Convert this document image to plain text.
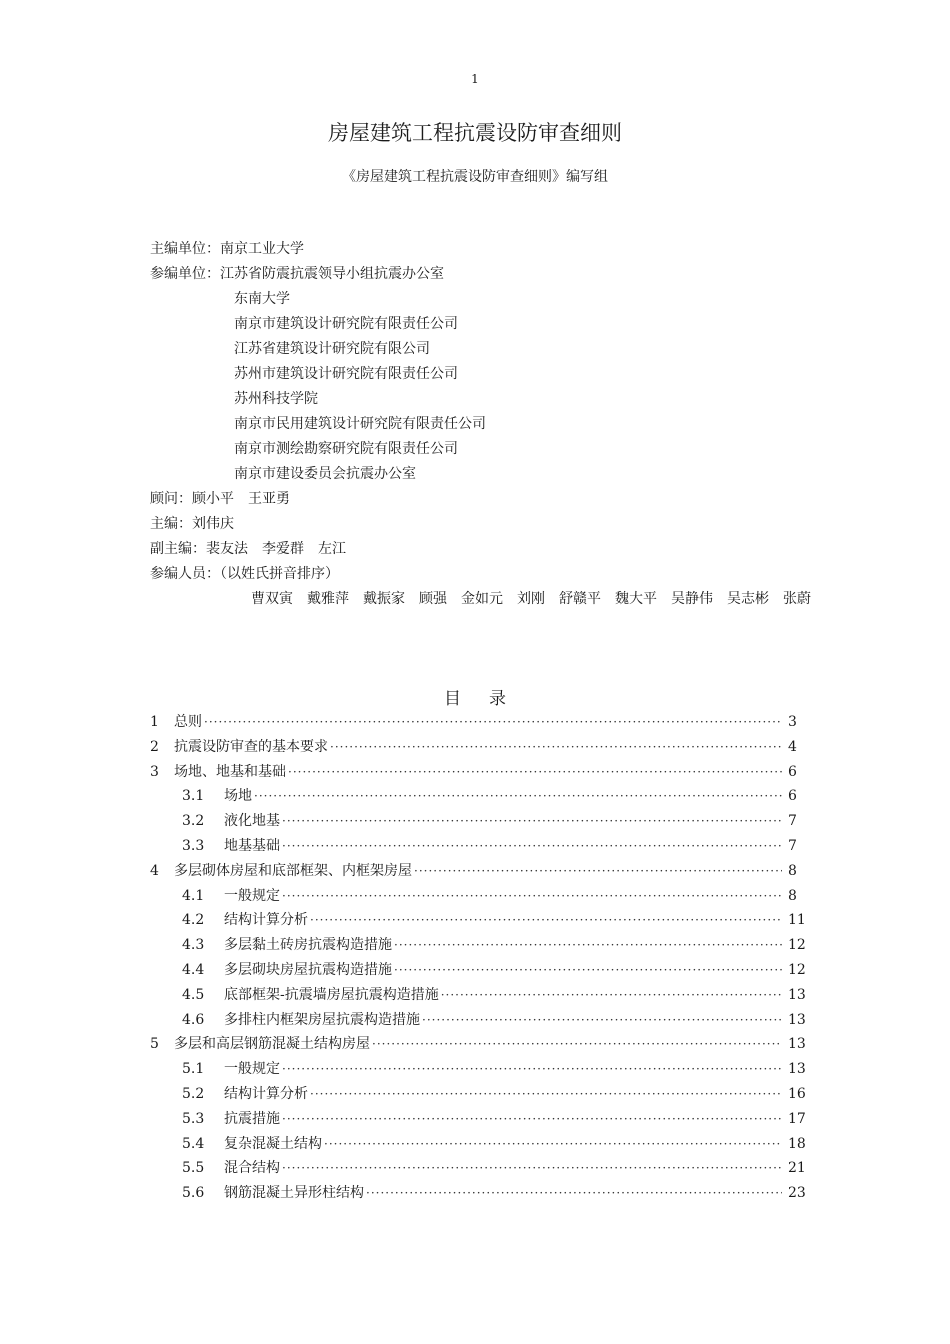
1
房屋建筑工程抗震设防审查细则
《房屋建筑工程抗震设防审查细则》编写组
主编单位： 南京工业大学
参编单位： 江苏省防震抗震领导小组抗震办公室
东南大学
南京市建筑设计研究院有限责任公司
江苏省建筑设计研究院有限公司
苏州市建筑设计研究院有限责任公司
苏州科技学院
南京市民用建筑设计研究院有限责任公司
南京市测绘勘察研究院有限责任公司
南京市建设委员会抗震办公室
顾问： 顾小平　王亚勇
主编： 刘伟庆
副主编： 裴友法　李爱群　左江
参编人员：（以姓氏拼音排序）
曹双寅　戴雅萍　戴振家　顾强　金如元　刘刚　舒赣平　魏大平　吴静伟　吴志彬　张蔚
目录
1	总则 ·····	3
2	抗震设防审查的基本要求 ·····	4
3	场地、地基和基础 ·····	6
3.1	场地 ·····	6
3.2	液化地基 ·····	7
3.3	地基基础 ·····	7
4	多层砌体房屋和底部框架、内框架房屋 ·····	8
4.1	一般规定 ·····	8
4.2	结构计算分析 ·····	11
4.3	多层黏土砖房抗震构造措施 ·····	12
4.4	多层砌块房屋抗震构造措施 ·····	12
4.5	底部框架-抗震墙房屋抗震构造措施 ·····	13
4.6	多排柱内框架房屋抗震构造措施 ·····	13
5	多层和高层钢筋混凝土结构房屋 ·····	13
5.1	一般规定 ·····	13
5.2	结构计算分析 ·····	16
5.3	抗震措施 ·····	17
5.4	复杂混凝土结构 ·····	18
5.5	混合结构 ·····	21
5.6	钢筋混凝土异形柱结构 ·····	23
